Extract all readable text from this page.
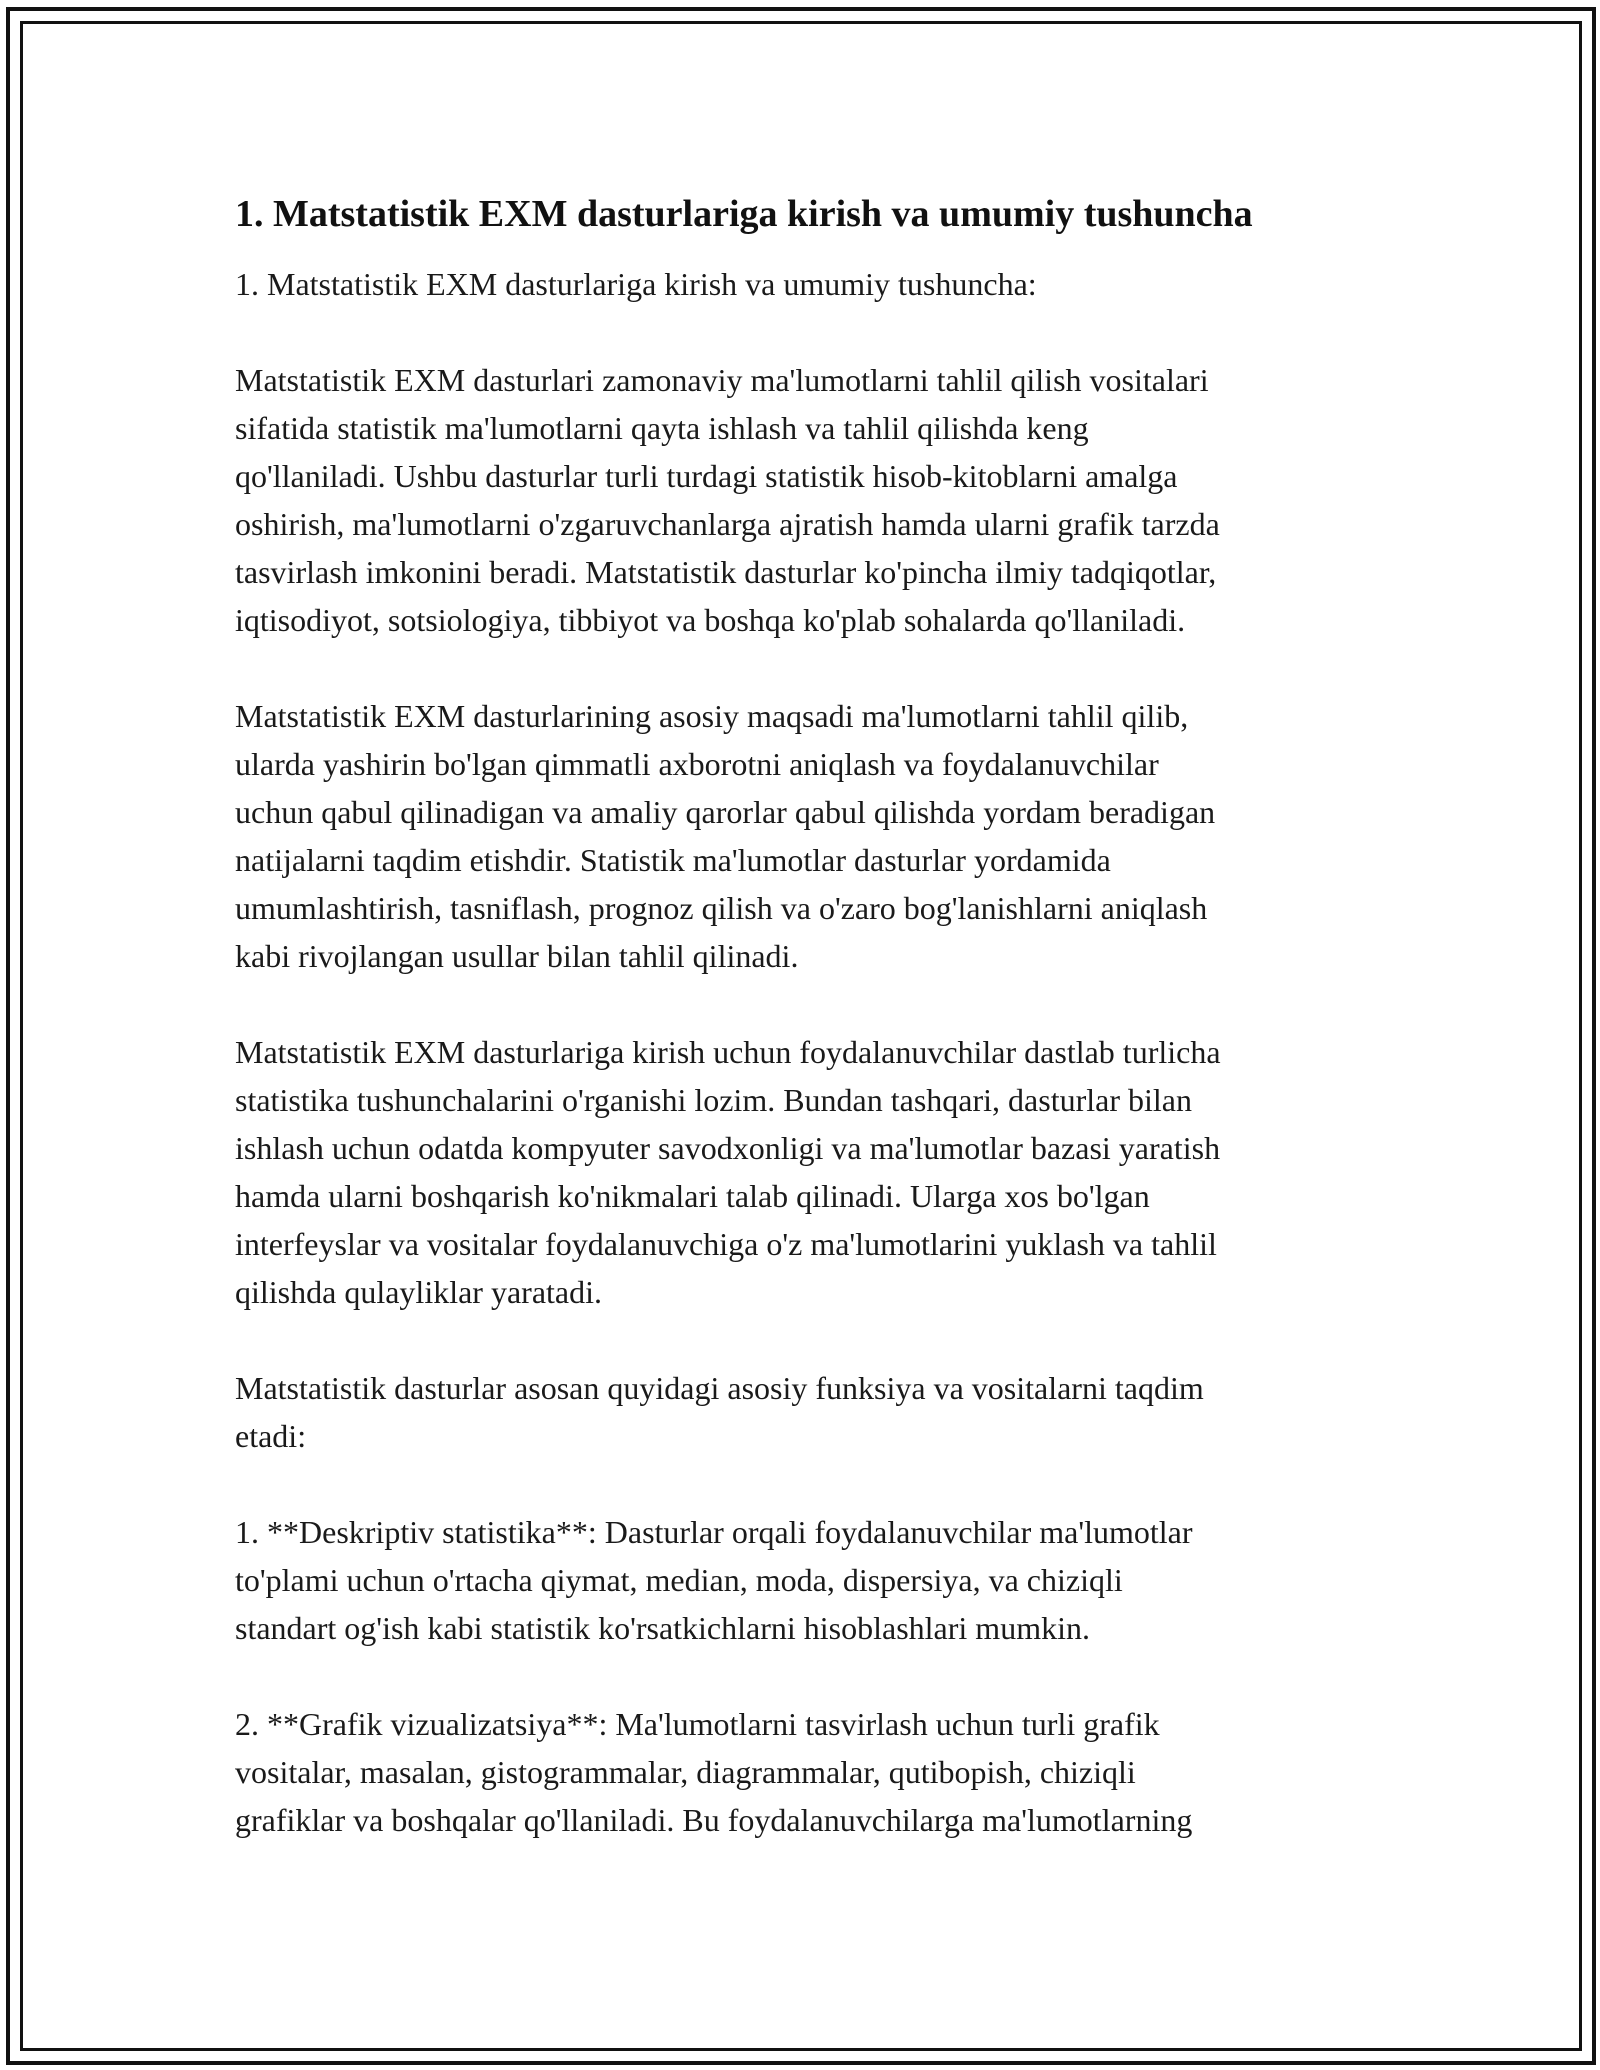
1. Matstatistik EXM dasturlariga kirish va umumiy tushuncha

1. Matstatistik EXM dasturlariga kirish va umumiy tushuncha:

Matstatistik EXM dasturlari zamonaviy ma'lumotlarni tahlil qilish vositalari
sifatida statistik ma'lumotlarni qayta ishlash va tahlil qilishda keng
qo'llaniladi. Ushbu dasturlar turli turdagi statistik hisob-kitoblarni amalga
oshirish, ma'lumotlarni o'zgaruvchanlarga ajratish hamda ularni grafik tarzda
tasvirlash imkonini beradi. Matstatistik dasturlar ko'pincha ilmiy tadqiqotlar,
iqtisodiyot, sotsiologiya, tibbiyot va boshqa ko'plab sohalarda qo'llaniladi.

Matstatistik EXM dasturlarining asosiy maqsadi ma'lumotlarni tahlil qilib,
ularda yashirin bo'lgan qimmatli axborotni aniqlash va foydalanuvchilar
uchun qabul qilinadigan va amaliy qarorlar qabul qilishda yordam beradigan
natijalarni taqdim etishdir. Statistik ma'lumotlar dasturlar yordamida
umumlashtirish, tasniflash, prognoz qilish va o'zaro bog'lanishlarni aniqlash
kabi rivojlangan usullar bilan tahlil qilinadi.

Matstatistik EXM dasturlariga kirish uchun foydalanuvchilar dastlab turlicha
statistika tushunchalarini o'rganishi lozim. Bundan tashqari, dasturlar bilan
ishlash uchun odatda kompyuter savodxonligi va ma'lumotlar bazasi yaratish
hamda ularni boshqarish ko'nikmalari talab qilinadi. Ularga xos bo'lgan
interfeyslar va vositalar foydalanuvchiga o'z ma'lumotlarini yuklash va tahlil
qilishda qulayliklar yaratadi.

Matstatistik dasturlar asosan quyidagi asosiy funksiya va vositalarni taqdim
etadi:

1. **Deskriptiv statistika**: Dasturlar orqali foydalanuvchilar ma'lumotlar
to'plami uchun o'rtacha qiymat, median, moda, dispersiya, va chiziqli
standart og'ish kabi statistik ko'rsatkichlarni hisoblashlari mumkin.

2. **Grafik vizualizatsiya**: Ma'lumotlarni tasvirlash uchun turli grafik
vositalar, masalan, gistogrammalar, diagrammalar, qutibopish, chiziqli
grafiklar va boshqalar qo'llaniladi. Bu foydalanuvchilarga ma'lumotlarning
